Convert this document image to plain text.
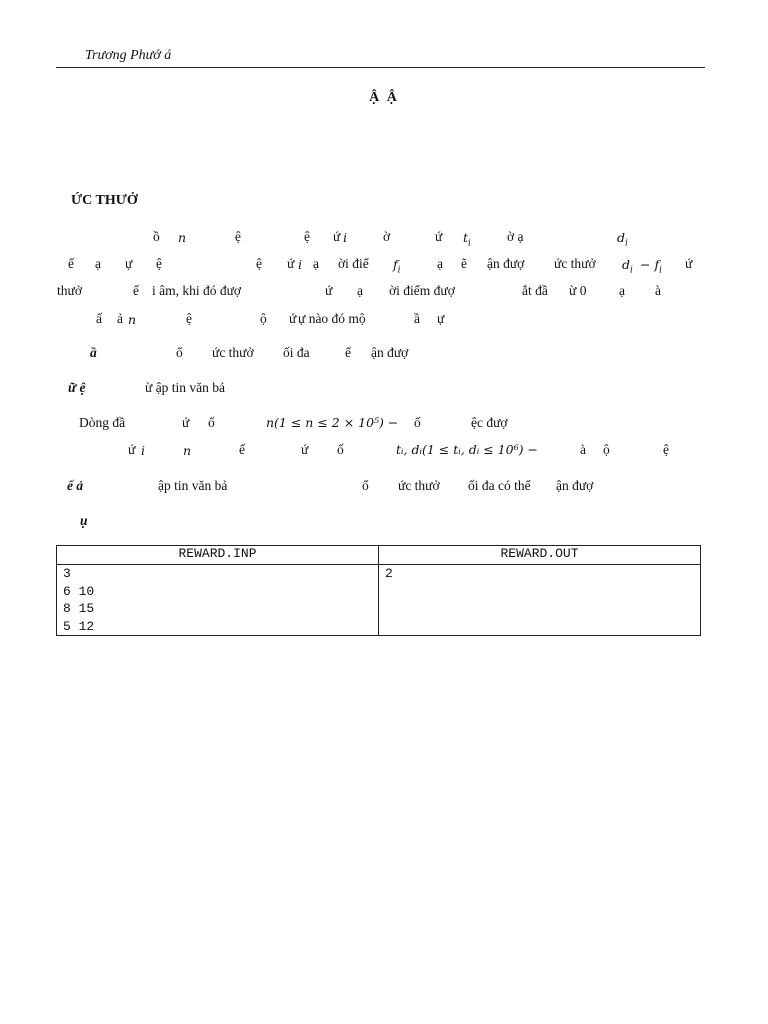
Trương Phướ á
Ậ Ậ
ỨC THƯỞ
ồ n	ệ	ệ ứ i	ờ	ứ $t_i$	ờ ạ	$d_i$
ế ạ ự ệ	ệ ứ i ạ ời điể $f_i$	ạ ẽ ận đượ ức thưở $d_i - f_i$ ứ
thưở	ể i âm, khi đó đượ	ứ ạ ời điểm đượ	ắt đầ ừ 0 ạ à
ấ ả n	ệ	ộ ứ ự nào đó mộ	ầ ự
ầ	ổ ức thưở ối đa	ể ận đượ
ữ ệ	ừ ập tin văn bả
Dòng đầ	ứ ố	n(1 ≤ n ≤ 2 × 10⁵) − ố	ệc đượ
ứ i	n	ế	ứ ố	tᵢ, dᵢ(1 ≤ tᵢ, dᵢ ≤ 10⁶) −	à ộ	ệ
ế ả	ập tin văn bả	ổ ức thưở ối đa có thể ận đượ
ụ
REWARD.INP	REWARD.OUT

3
6 10
8 15
5 12	2
